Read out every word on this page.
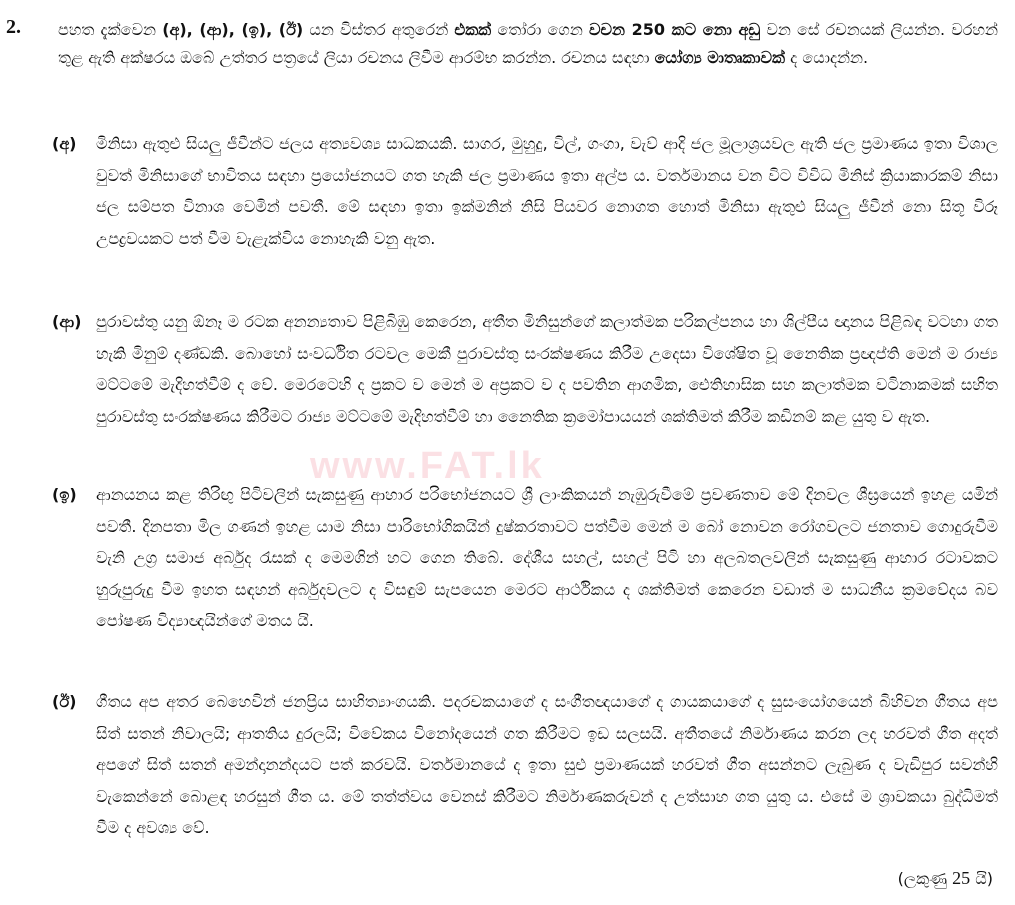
2. පහත දැක්වෙන (අ), (ආ), (ඉ), (ඊ) යන විස්තර අතුරෙන් එකක් තෝරා ගෙන වචන 250 කට නො අඩු වන සේ රචනයක් ලියන්න. වරහන් තුළ ඇති අක්ෂරය ඔබේ උත්තර පත්‍රයේ ලියා රචනය ලිවීම ආරම්භ කරන්න. රචනය සඳහා යෝග්‍ය මාතෘකාවක් ද යොදන්න.
(අ)	මිනිසා ඇතුළු සියලු ජීවීන්ට ජලය අත්‍යවශ්‍ය සාධකයකි. සාගර, මුහුදු, විල්, ගංගා, වැව් ආදි ජල මූලාශ්‍රයවල ඇති ජල ප්‍රමාණය ඉතා විශාල වුවත් මිනිසාගේ භාවිතය සඳහා ප්‍රයෝජනයට ගත හැකි ජල ප්‍රමාණය ඉතා අල්ප ය. වර්තමානය වන විට විවිධ මිනිස් ක්‍රියාකාරකම් නිසා ජල සම්පත විනාශ වෙමින් පවතී. මේ සඳහා ඉතා ඉක්මනින් නිසි පියවර නොගත හොත් මිනිසා ඇතුළු සියලු ජීවීන් නො සිතූ විරූ උපද්‍රවයකට පත් වීම වැළැක්විය නොහැකි වනු ඇත.
(ආ) පුරාවස්තු යනු ඕනෑ ම රටක අනන්‍යතාව පිළිබිඹු කෙරෙන, අතීත මිනිසුන්ගේ කලාත්මක පරිකල්පනය හා ශිල්පීය ඥානය පිළිබඳ වටහා ගත හැකි මිනුම් දණ්ඩකි. බොහෝ සංවර්ධිත රටවල මෙකී පුරාවස්තු සංරක්ෂණය කිරීම උදෙසා විශේෂිත වූ නෛතික ප්‍රඥප්ති මෙන් ම රාජ්‍ය මට්ටමේ මැදිහත්වීම් ද වේ. මෙරටෙහි ද ප්‍රකට ව මෙන් ම අප්‍රකට ව ද පවතින ආගමික, ඓතිහාසික සහ කලාත්මක වටිනාකමක් සහිත පුරාවස්තු සංරක්ෂණය කිරීමට රාජ්‍ය මට්ටමේ මැදිහත්වීම් හා නෛතික ක්‍රමෝපායයන් ශක්තිමත් කිරීම කඩිනම් කළ යුතු ව ඇත.
www.FAT.lk
(ඉ)	ආනයනය කළ තිරිඟු පිටිවලින් සැකසුණු ආහාර පරිභෝජනයට ශ්‍රී ලාංකිකයන් නැඹුරුවීමේ ප්‍රවණතාව මේ දිනවල ශීඝ්‍රයෙන් ඉහළ යමින් පවතී. දිනපතා මිල ගණන් ඉහළ යාම නිසා පාරිභෝගිකයින් දුෂ්කරතාවට පත්වීම මෙන් ම බෝ නොවන රෝගවලට ජනතාව ගොදුරුවීම වැනි උග්‍ර සමාජ අර්බුද රැසක් ද මෙමගින් හට ගෙන තිබේ. දේශීය සහල්, සහල් පිටි හා අලබතලවලින් සැකසුණු ආහාර රටාවකට හුරුපුරුදු වීම ඉහත සඳහන් අර්බුදවලට ද විසඳුම් සැපයෙන මෙරට ආර්ථිකය ද ශක්තිමත් කෙරෙන වඩාත් ම සාධනීය ක්‍රමවේදය බව පෝෂණ විද්‍යාඥයින්ගේ මතය යි.
(ඊ)	ගීතය අප අතර බෙහෙවින් ජනප්‍රිය සාහිත්‍යාංගයකි. පදරචකයාගේ ද සංගීතඥයාගේ ද ගායකයාගේ ද සුසංයෝගයෙන් බිහිවන ගීතය අප සිත් සතන් නිවාලයි; ආතතිය දුරලයි; විවේකය විනෝදයෙන් ගත කිරීමට ඉඩ සලසයි. අතීතයේ නිර්මාණය කරන ලද හරවත් ගීත අදත් අපගේ සිත් සතන් අමන්දානන්දයට පත් කරවයි. වර්තමානයේ ද ඉතා සුළු ප්‍රමාණයක් හරවත් ගීත අසන්නට ලැබුණ ද වැඩිපුර සවන්හි වැකෙන්නේ බොළඳ හරසුන් ගීත ය. මේ තත්ත්වය වෙනස් කිරීමට නිර්මාණකරුවන් ද උත්සාහ ගත යුතු ය. එසේ ම ශ්‍රාවකයා බුද්ධිමත් වීම ද අවශ්‍ය වේ.
(ලකුණු 25 යි)
